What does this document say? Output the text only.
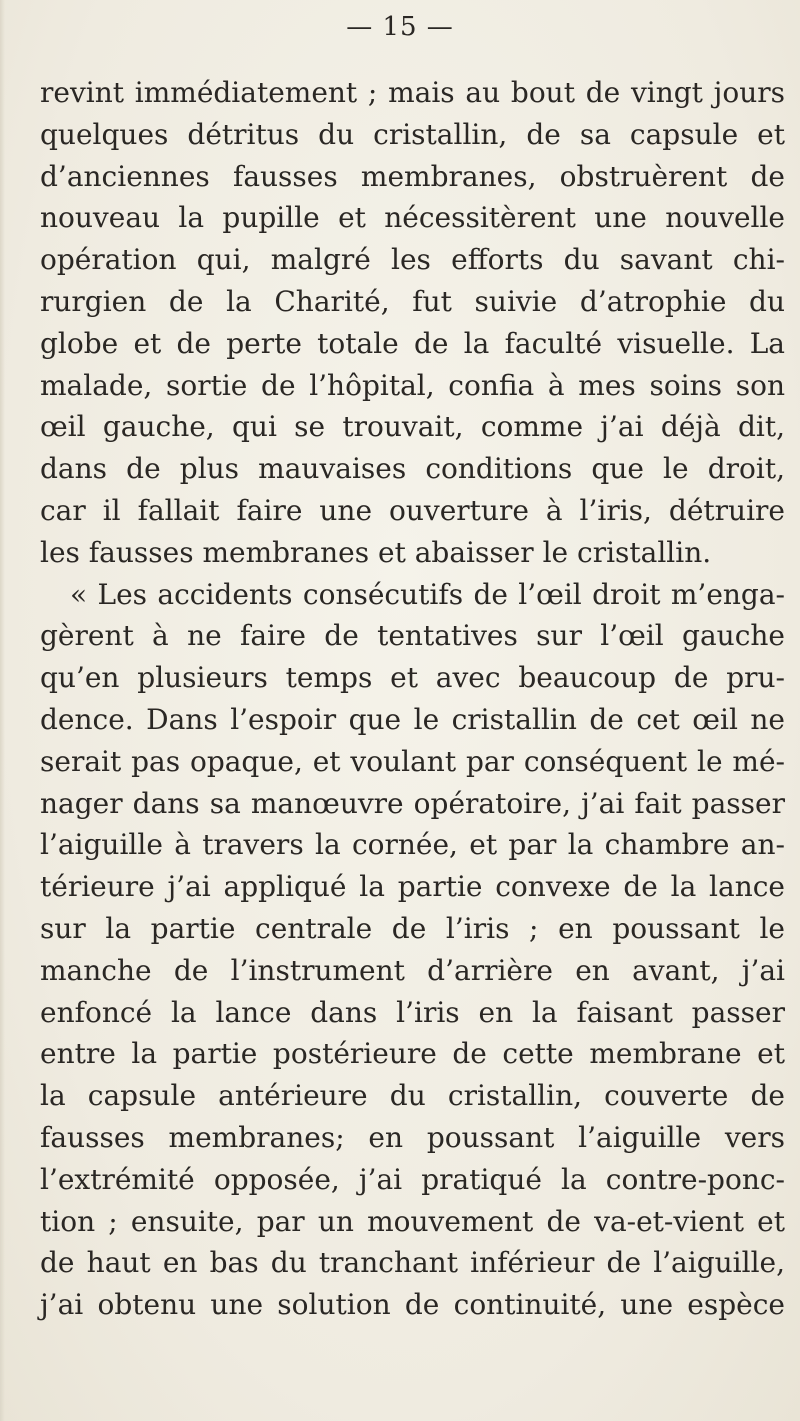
— 15 —
revint immédiatement ; mais au bout de vingt jours
quelques détritus du cristallin, de sa capsule et
d’anciennes fausses membranes, obstruèrent de
nouveau la pupille et nécessitèrent une nouvelle
opération qui, malgré les efforts du savant chi-
rurgien de la Charité, fut suivie d’atrophie du
globe et de perte totale de la faculté visuelle. La
malade, sortie de l’hôpital, confia à mes soins son
œil gauche, qui se trouvait, comme j’ai déjà dit,
dans de plus mauvaises conditions que le droit,
car il fallait faire une ouverture à l’iris, détruire
les fausses membranes et abaisser le cristallin.
« Les accidents consécutifs de l’œil droit m’enga-
gèrent à ne faire de tentatives sur l’œil gauche
qu’en plusieurs temps et avec beaucoup de pru-
dence. Dans l’espoir que le cristallin de cet œil ne
serait pas opaque, et voulant par conséquent le mé-
nager dans sa manœuvre opératoire, j’ai fait passer
l’aiguille à travers la cornée, et par la chambre an-
térieure j’ai appliqué la partie convexe de la lance
sur la partie centrale de l’iris ; en poussant le
manche de l’instrument d’arrière en avant, j’ai
enfoncé la lance dans l’iris en la faisant passer
entre la partie postérieure de cette membrane et
la capsule antérieure du cristallin, couverte de
fausses membranes; en poussant l’aiguille vers
l’extrémité opposée, j’ai pratiqué la contre-ponc-
tion ; ensuite, par un mouvement de va-et-vient et
de haut en bas du tranchant inférieur de l’aiguille,
j’ai obtenu une solution de continuité, une espèce
